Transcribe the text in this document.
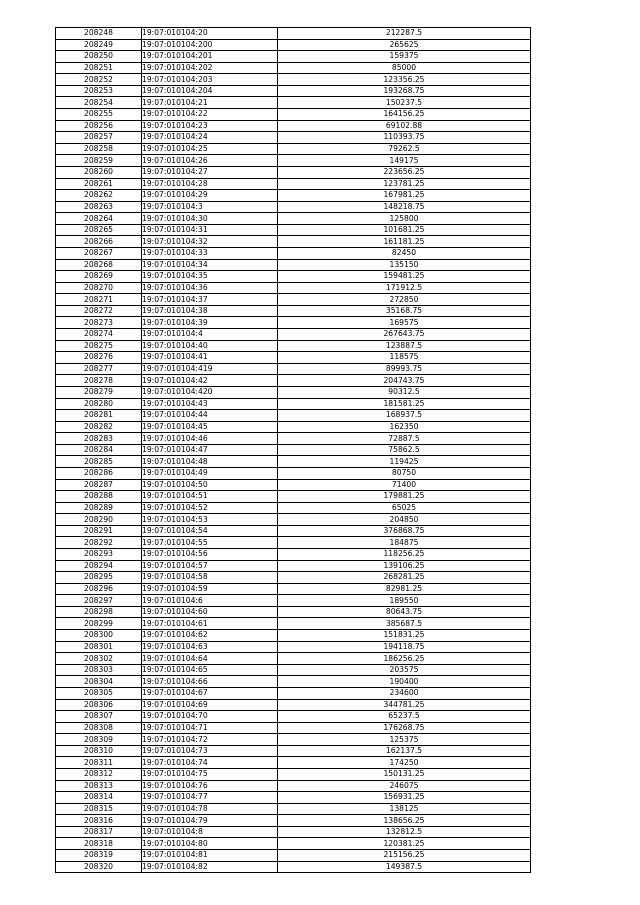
208248	19:07:010104:20	212287.5
208249	19:07:010104:200	265625
208250	19:07:010104:201	159375
208251	19:07:010104:202	85000
208252	19:07:010104:203	123356.25
208253	19:07:010104:204	193268.75
208254	19:07:010104:21	150237.5
208255	19:07:010104:22	164156.25
208256	19:07:010104:23	69102.88
208257	19:07:010104:24	110393.75
208258	19:07:010104:25	79262.5
208259	19:07:010104:26	149175
208260	19:07:010104:27	223656.25
208261	19:07:010104:28	123781.25
208262	19:07:010104:29	167981.25
208263	19:07:010104:3	148218.75
208264	19:07:010104:30	125800
208265	19:07:010104:31	101681.25
208266	19:07:010104:32	161181.25
208267	19:07:010104:33	82450
208268	19:07:010104:34	135150
208269	19:07:010104:35	159481.25
208270	19:07:010104:36	171912.5
208271	19:07:010104:37	272850
208272	19:07:010104:38	35168.75
208273	19:07:010104:39	169575
208274	19:07:010104:4	267643.75
208275	19:07:010104:40	123887.5
208276	19:07:010104:41	118575
208277	19:07:010104:419	89993.75
208278	19:07:010104:42	204743.75
208279	19:07:010104:420	90312.5
208280	19:07:010104:43	181581.25
208281	19:07:010104:44	168937.5
208282	19:07:010104:45	162350
208283	19:07:010104:46	72887.5
208284	19:07:010104:47	75862.5
208285	19:07:010104:48	119425
208286	19:07:010104:49	80750
208287	19:07:010104:50	71400
208288	19:07:010104:51	179881.25
208289	19:07:010104:52	65025
208290	19:07:010104:53	204850
208291	19:07:010104:54	376868.75
208292	19:07:010104:55	184875
208293	19:07:010104:56	118256.25
208294	19:07:010104:57	139106.25
208295	19:07:010104:58	268281.25
208296	19:07:010104:59	82981.25
208297	19:07:010104:6	189550
208298	19:07:010104:60	80643.75
208299	19:07:010104:61	385687.5
208300	19:07:010104:62	151831.25
208301	19:07:010104:63	194118.75
208302	19:07:010104:64	186256.25
208303	19:07:010104:65	203575
208304	19:07:010104:66	190400
208305	19:07:010104:67	234600
208306	19:07:010104:69	344781.25
208307	19:07:010104:70	65237.5
208308	19:07:010104:71	176268.75
208309	19:07:010104:72	125375
208310	19:07:010104:73	162137.5
208311	19:07:010104:74	174250
208312	19:07:010104:75	150131.25
208313	19:07:010104:76	246075
208314	19:07:010104:77	156931.25
208315	19:07:010104:78	138125
208316	19:07:010104:79	138656.25
208317	19:07:010104:8	132812.5
208318	19:07:010104:80	120381.25
208319	19:07:010104:81	215156.25
208320	19:07:010104:82	149387.5
